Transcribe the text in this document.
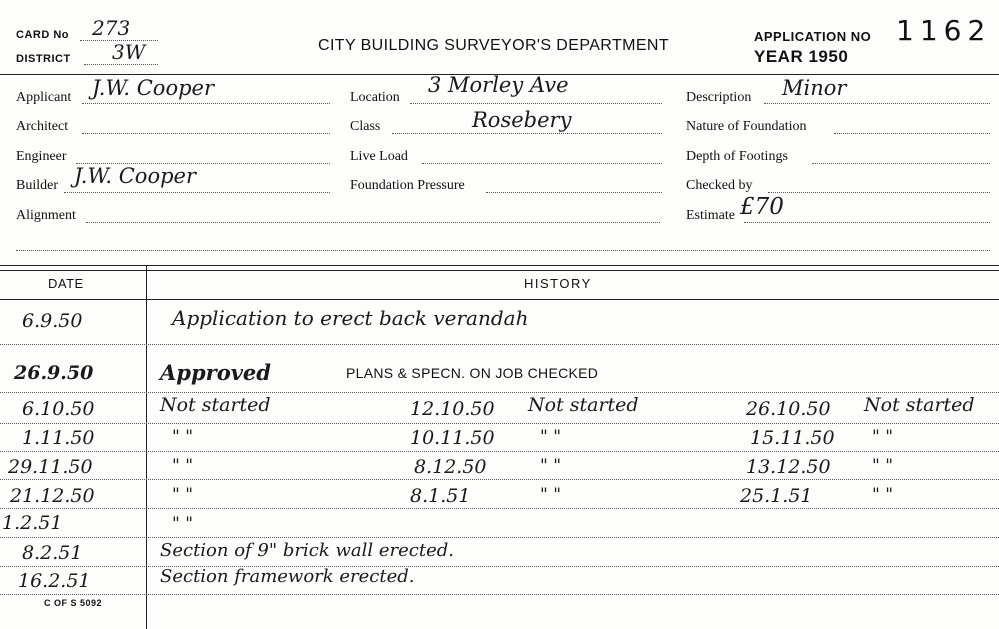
CARD No 273
DISTRICT 3W	CITY BUILDING SURVEYOR'S DEPARTMENT
APPLICATION NO 1162
YEAR 1950
Applicant J.W. Cooper
Architect
Engineer
Builder J.W. Cooper
Alignment
Location
3 Morley Ave
Class	Rosebery
Live Load
Foundation Pressure
Description Minor
Nature of Foundation
Depth of Footings
Checked by
Estimate £70
DATE	HISTORY
6.9.50	Application to erect back verandah
26.9.50	Approved	PLANS & SPECN. ON JOB CHECKED
6.10.50	Not started	12.10.50 Not started	26.10.50 Not started
1.11.50	" "	10.11.50	" "	15.11.50 " "
29.11.50	" "	8.12.50	" "	13.12.50 " "
21.12.50	" "	8.1.51	" "	25.1.51	" "
1.2.51	" "
8.2.51	Section of 9" brick wall erected.
16.2.51	Section framework erected.
C OF S 5092
